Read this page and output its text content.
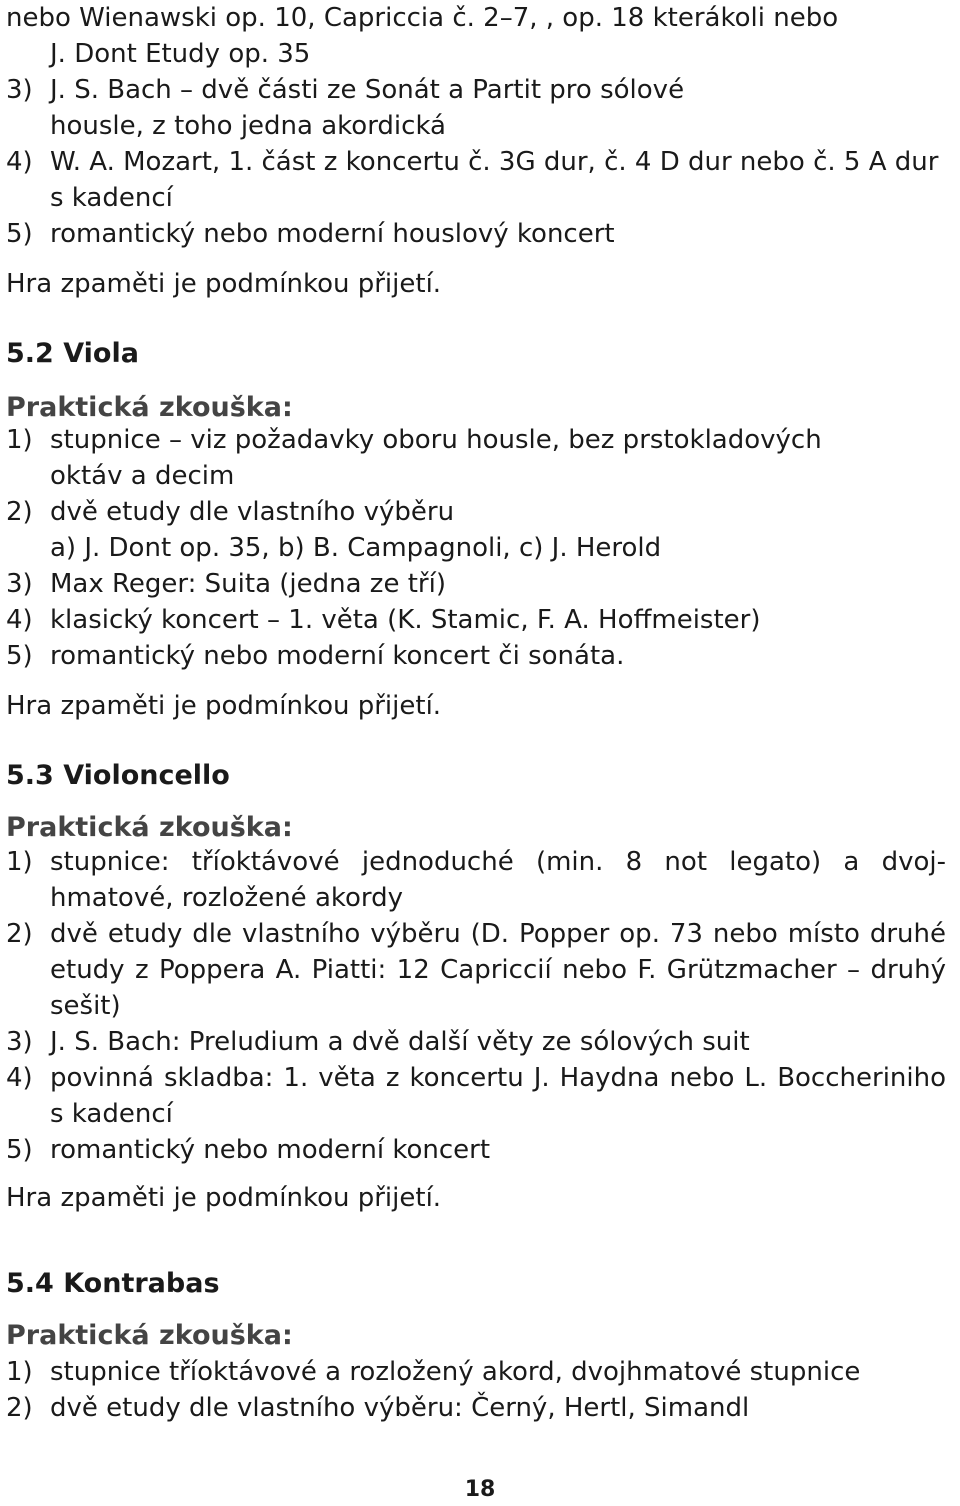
nebo Wienawski op. 10, Capriccia č. 2–7, , op. 18 kterákoli nebo
J. Dont Etudy op. 35
3) J. S. Bach – dvě části ze Sonát a Partit pro sólové housle, z toho jedna akordická
4) W. A. Mozart, 1. část z koncertu č. 3G dur, č. 4 D dur nebo č. 5 A dur s kadencí
5) romantický nebo moderní houslový koncert
Hra zpaměti je podmínkou přijetí.
5.2 Viola
Praktická zkouška:
1) stupnice – viz požadavky oboru housle, bez prstokladových oktáv a decim
2) dvě etudy dle vlastního výběru
a) J. Dont op. 35, b) B. Campagnoli, c) J. Herold
3) Max Reger: Suita (jedna ze tří)
4) klasický koncert – 1. věta (K. Stamic, F. A. Hoffmeister)
5) romantický nebo moderní koncert či sonáta.
Hra zpaměti je podmínkou přijetí.
5.3 Violoncello
Praktická zkouška:
1) stupnice: tříoktávové jednoduché (min. 8 not legato) a dvojhmatové, rozložené akordy
2) dvě etudy dle vlastního výběru (D. Popper op. 73 nebo místo druhé etudy z Poppera A. Piatti: 12 Capriccií nebo F. Grützmacher – druhý sešit)
3) J. S. Bach: Preludium a dvě další věty ze sólových suit
4) povinná skladba: 1. věta z koncertu J. Haydna nebo L. Boccheriniho s kadencí
5) romantický nebo moderní koncert
Hra zpaměti je podmínkou přijetí.
5.4 Kontrabas
Praktická zkouška:
1) stupnice tříoktávové a rozložený akord, dvojhmatové stupnice
2) dvě etudy dle vlastního výběru: Černý, Hertl, Simandl
18
